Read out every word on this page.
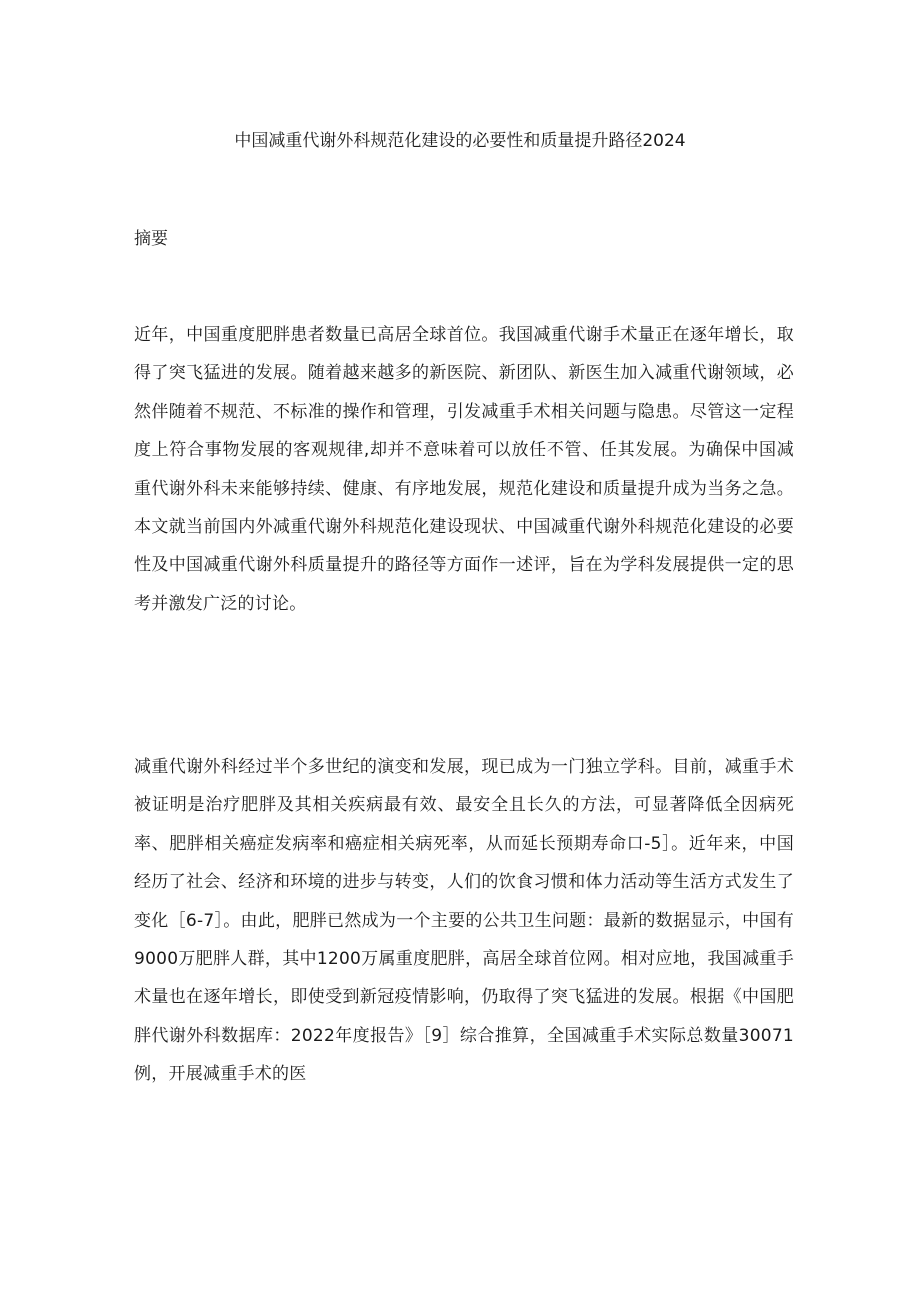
中国减重代谢外科规范化建设的必要性和质量提升路径2024
摘要

近年，中国重度肥胖患者数量已高居全球首位。我国减重代谢手术量正在逐年增长，取得了突飞猛进的发展。随着越来越多的新医院、新团队、新医生加入减重代谢领域，必然伴随着不规范、不标准的操作和管理，引发减重手术相关问题与隐患。尽管这一定程度上符合事物发展的客观规律,却并不意味着可以放任不管、任其发展。为确保中国减重代谢外科未来能够持续、健康、有序地发展，规范化建设和质量提升成为当务之急。本文就当前国内外减重代谢外科规范化建设现状、中国减重代谢外科规范化建设的必要性及中国减重代谢外科质量提升的路径等方面作一述评，旨在为学科发展提供一定的思考并激发广泛的讨论。

减重代谢外科经过半个多世纪的演变和发展，现已成为一门独立学科。目前，减重手术被证明是治疗肥胖及其相关疾病最有效、最安全且长久的方法，可显著降低全因病死率、肥胖相关癌症发病率和癌症相关病死率，从而延长预期寿命口-5］。近年来，中国经历了社会、经济和环境的进步与转变，人们的饮食习惯和体力活动等生活方式发生了变化［6-7］。由此，肥胖已然成为一个主要的公共卫生问题：最新的数据显示，中国有9000万肥胖人群，其中1200万属重度肥胖，高居全球首位网。相对应地，我国减重手术量也在逐年增长，即使受到新冠疫情影响，仍取得了突飞猛进的发展。根据《中国肥胖代谢外科数据库：2022年度报告》［9］综合推算，全国减重手术实际总数量30071例，开展减重手术的医
